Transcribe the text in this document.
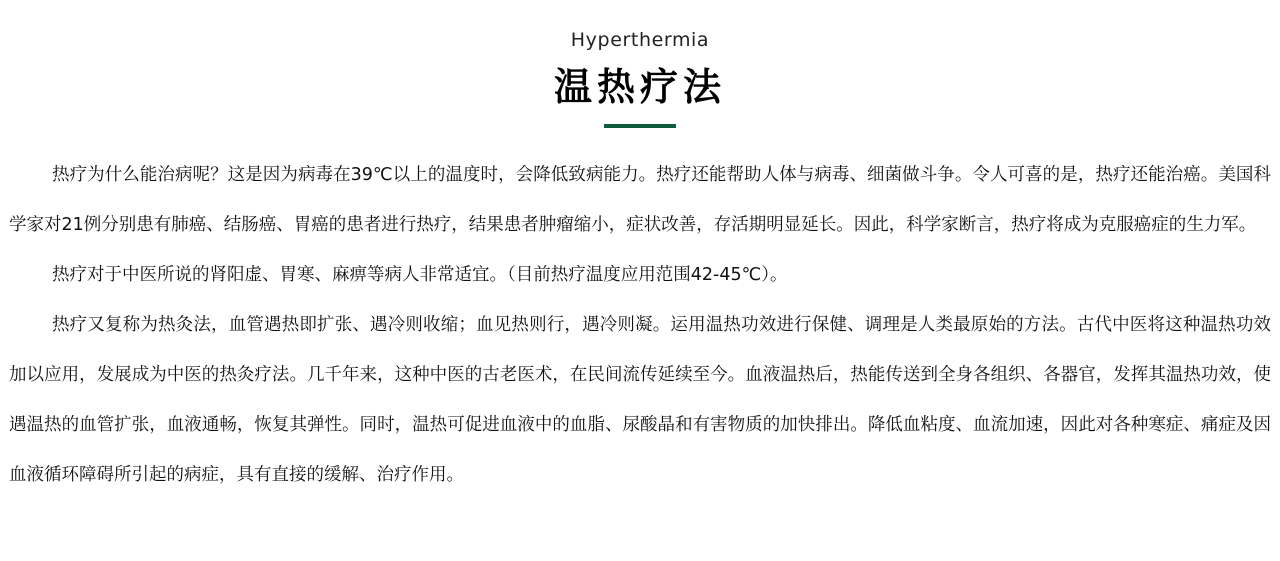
Hyperthermia
温热疗法

热疗为什么能治病呢？这是因为病毒在39℃以上的温度时，会降低致病能力。热疗还能帮助人体与病毒、细菌做斗争。令人可喜的是，热疗还能治癌。美国科学家对21例分别患有肺癌、结肠癌、胃癌的患者进行热疗，结果患者肿瘤缩小，症状改善，存活期明显延长。因此，科学家断言，热疗将成为克服癌症的生力军。

热疗对于中医所说的肾阳虚、胃寒、麻痹等病人非常适宜。（目前热疗温度应用范围42-45℃）。

热疗又复称为热灸法，血管遇热即扩张、遇冷则收缩；血见热则行，遇冷则凝。运用温热功效进行保健、调理是人类最原始的方法。古代中医将这种温热功效加以应用，发展成为中医的热灸疗法。几千年来，这种中医的古老医术，在民间流传延续至今。血液温热后，热能传送到全身各组织、各器官，发挥其温热功效，使遇温热的血管扩张，血液通畅，恢复其弹性。同时，温热可促进血液中的血脂、尿酸晶和有害物质的加快排出。降低血粘度、血流加速，因此对各种寒症、痛症及因血液循环障碍所引起的病症，具有直接的缓解、治疗作用。
